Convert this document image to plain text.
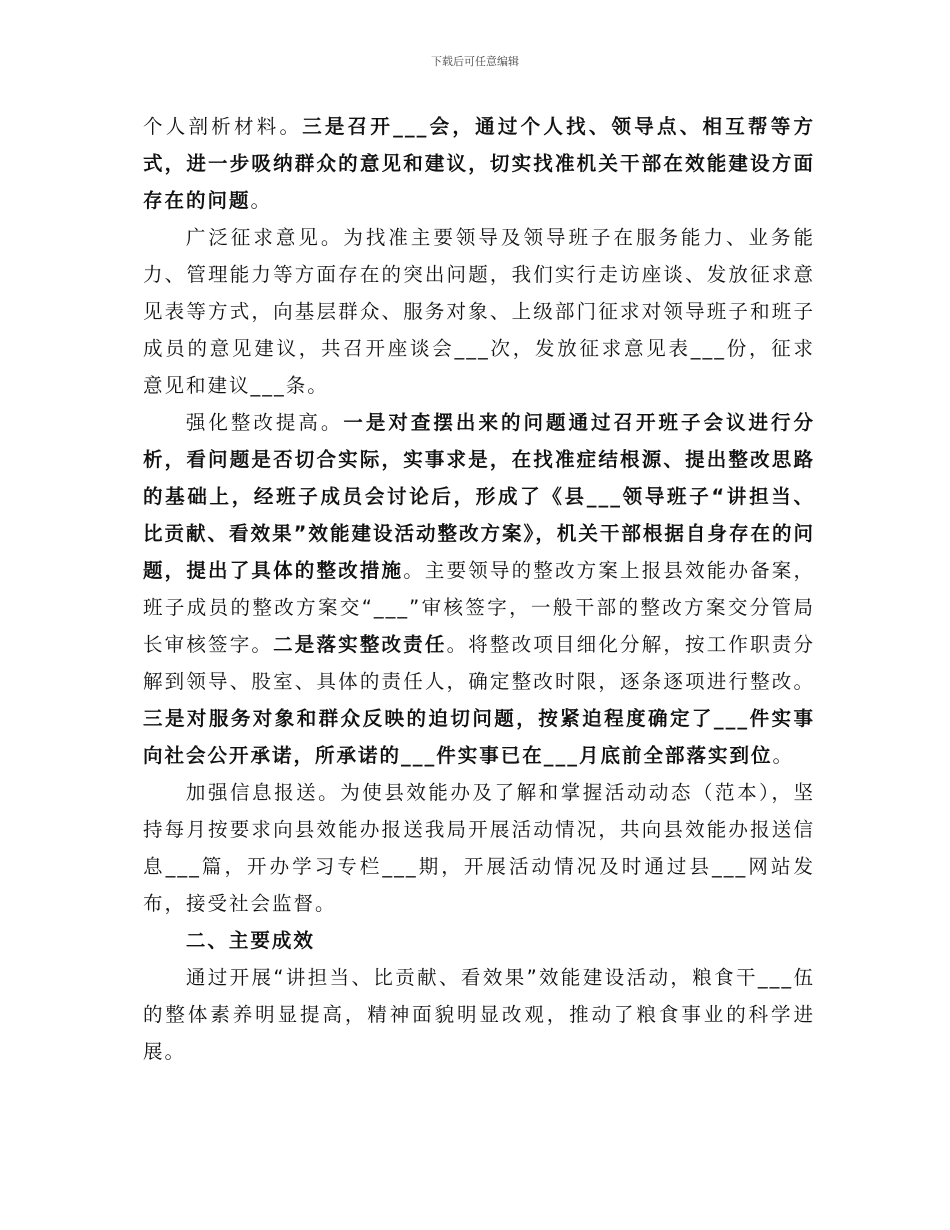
下载后可任意编辑

个人剖析材料。三是召开___会，通过个人找、领导点、相互帮等方式，进一步吸纳群众的意见和建议，切实找准机关干部在效能建设方面存在的问题。

广泛征求意见。为找准主要领导及领导班子在服务能力、业务能力、管理能力等方面存在的突出问题，我们实行走访座谈、发放征求意见表等方式，向基层群众、服务对象、上级部门征求对领导班子和班子成员的意见建议，共召开座谈会___次，发放征求意见表___份，征求意见和建议___条。

强化整改提高。一是对查摆出来的问题通过召开班子会议进行分析，看问题是否切合实际，实事求是，在找准症结根源、提出整改思路的基础上，经班子成员会讨论后，形成了《县___领导班子“讲担当、比贡献、看效果”效能建设活动整改方案》，机关干部根据自身存在的问题，提出了具体的整改措施。主要领导的整改方案上报县效能办备案，班子成员的整改方案交“___”审核签字，一般干部的整改方案交分管局长审核签字。二是落实整改责任。将整改项目细化分解，按工作职责分解到领导、股室、具体的责任人，确定整改时限，逐条逐项进行整改。三是对服务对象和群众反映的迫切问题，按紧迫程度确定了___件实事向社会公开承诺，所承诺的___件实事已在___月底前全部落实到位。

加强信息报送。为使县效能办及了解和掌握活动动态（范本），坚持每月按要求向县效能办报送我局开展活动情况，共向县效能办报送信息___篇，开办学习专栏___期，开展活动情况及时通过县___网站发布，接受社会监督。

二、主要成效

通过开展“讲担当、比贡献、看效果”效能建设活动，粮食干___伍的整体素养明显提高，精神面貌明显改观，推动了粮食事业的科学进展。
